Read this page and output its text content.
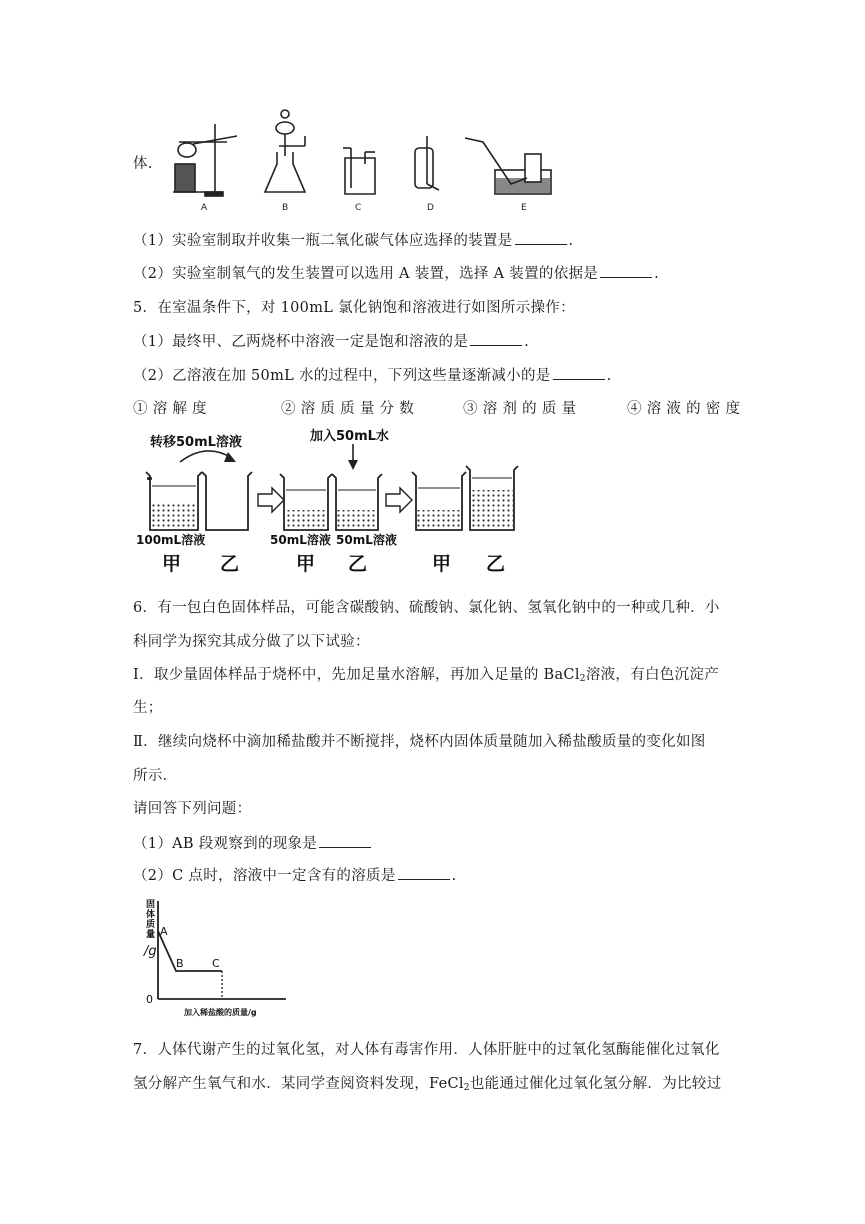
体.
A	B	C	D	E
（1）实验室制取并收集一瓶二氧化碳气体应选择的装置是	.
（2）实验室制氧气的发生装置可以选用 A 装置，选择 A 装置的依据是	.
5．在室温条件下，对 100mL 氯化钠饱和溶液进行如图所示操作：
（1）最终甲、乙两烧杯中溶液一定是饱和溶液的是	.
（2）乙溶液在加 50mL 水的过程中，下列这些量逐渐减小的是	.
① 溶 解 度	② 溶 质 质 量 分 数	③ 溶 剂 的 质 量	④ 溶 液 的 密 度
转移50mL溶液	加入50mL水
100mL溶液	50mL溶液 50mL溶液
甲 乙	甲 乙	甲 乙
6．有一包白色固体样品，可能含碳酸钠、硫酸钠、氯化钠、氢氧化钠中的一种或几种．小
科同学为探究其成分做了以下试验：
Ⅰ．取少量固体样品于烧杯中，先加足量水溶解，再加入足量的 BaCl$_2$溶液，有白色沉淀产
生；
Ⅱ．继续向烧杯中滴加稀盐酸并不断搅拌，烧杯内固体质量随加入稀盐酸质量的变化如图
所示．
请回答下列问题：
（1）AB 段观察到的现象是
（2）C 点时，溶液中一定含有的溶质是	.
固
体
质
量
/g
0
A
B	C
加入稀盐酸的质量/g
7．人体代谢产生的过氧化氢，对人体有毒害作用．人体肝脏中的过氧化氢酶能催化过氧化
氢分解产生氧气和水．某同学查阅资料发现，FeCl$_2$也能通过催化过氧化氢分解．为比较过
